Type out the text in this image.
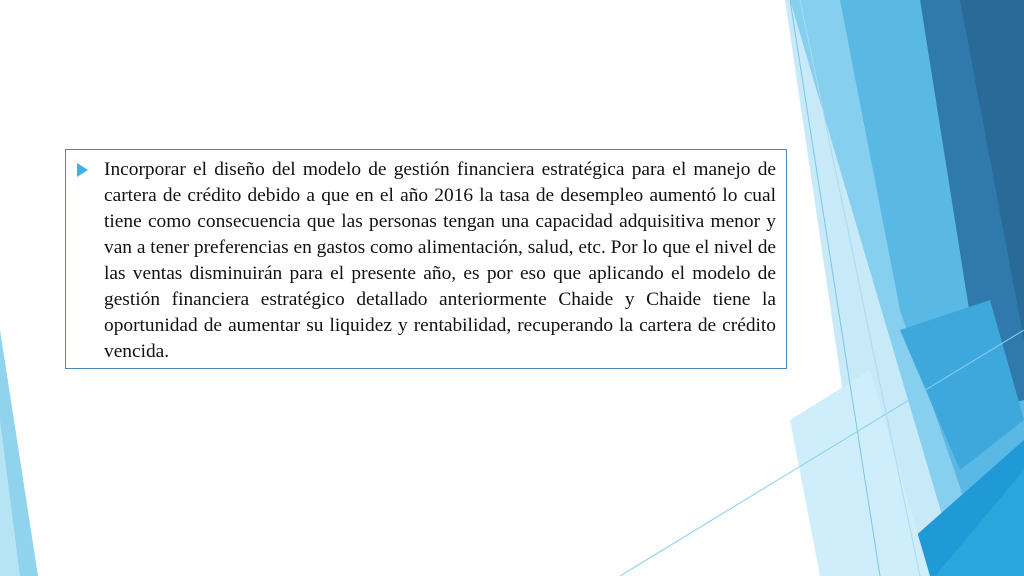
Incorporar el diseño del modelo de gestión financiera estratégica para el manejo de cartera de crédito debido a que en el año 2016 la tasa de desempleo aumentó lo cual tiene como consecuencia que las personas tengan una capacidad adquisitiva menor y van a tener preferencias en gastos como alimentación, salud, etc. Por lo que el nivel de las ventas disminuirán para el presente año, es por eso que aplicando el modelo de gestión financiera estratégico detallado anteriormente Chaide y Chaide tiene la oportunidad de aumentar su liquidez y rentabilidad, recuperando la cartera de crédito vencida.
